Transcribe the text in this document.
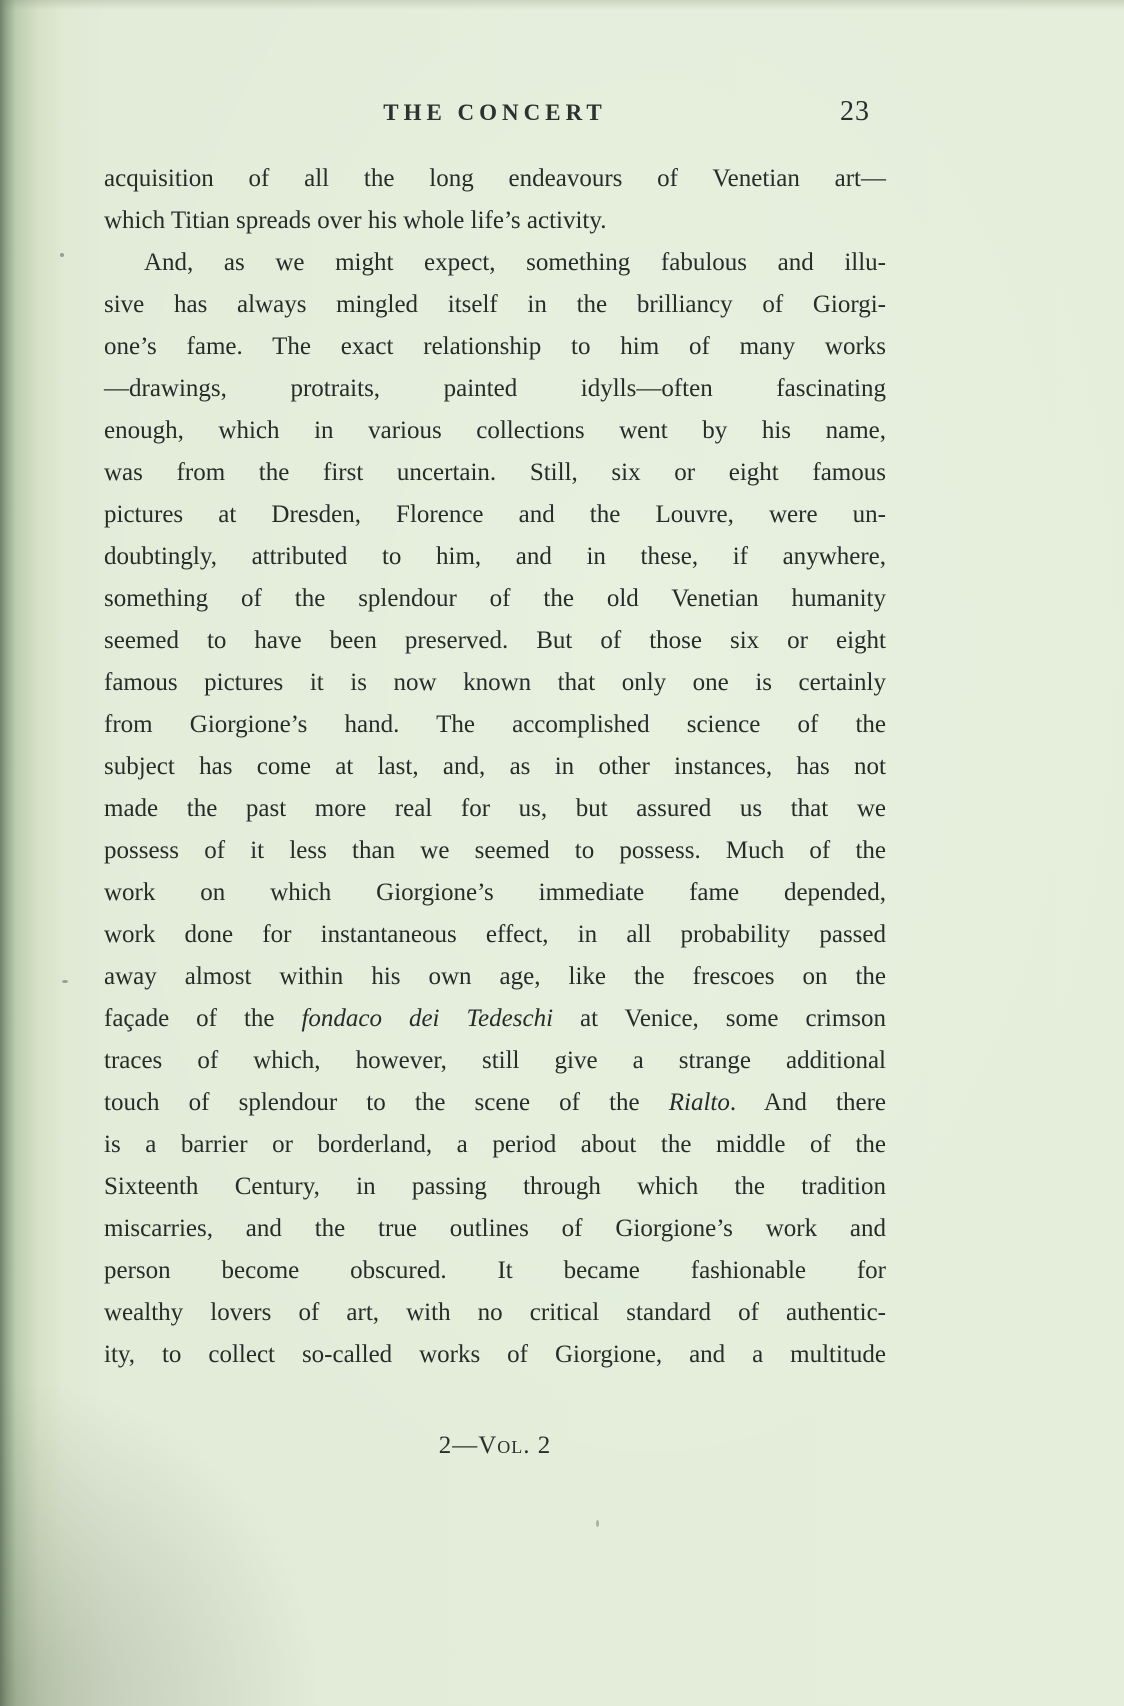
THE CONCERT	23
acquisition of all the long endeavours of Venetian art—
which Titian spreads over his whole life’s activity.
And, as we might expect, something fabulous and illu-
sive has always mingled itself in the brilliancy of Giorgi-
one’s fame. The exact relationship to him of many works
—drawings, protraits, painted idylls—often fascinating
enough, which in various collections went by his name,
was from the first uncertain. Still, six or eight famous
pictures at Dresden, Florence and the Louvre, were un-
doubtingly, attributed to him, and in these, if anywhere,
something of the splendour of the old Venetian humanity
seemed to have been preserved. But of those six or eight
famous pictures it is now known that only one is certainly
from Giorgione’s hand. The accomplished science of the
subject has come at last, and, as in other instances, has not
made the past more real for us, but assured us that we
possess of it less than we seemed to possess. Much of the
work on which Giorgione’s immediate fame depended,
work done for instantaneous effect, in all probability passed
away almost within his own age, like the frescoes on the
façade of the fondaco dei Tedeschi at Venice, some crimson
traces of which, however, still give a strange additional
touch of splendour to the scene of the Rialto. And there
is a barrier or borderland, a period about the middle of the
Sixteenth Century, in passing through which the tradition
miscarries, and the true outlines of Giorgione’s work and
person become obscured. It became fashionable for
wealthy lovers of art, with no critical standard of authentic-
ity, to collect so-called works of Giorgione, and a multitude
2—Vol. 2
